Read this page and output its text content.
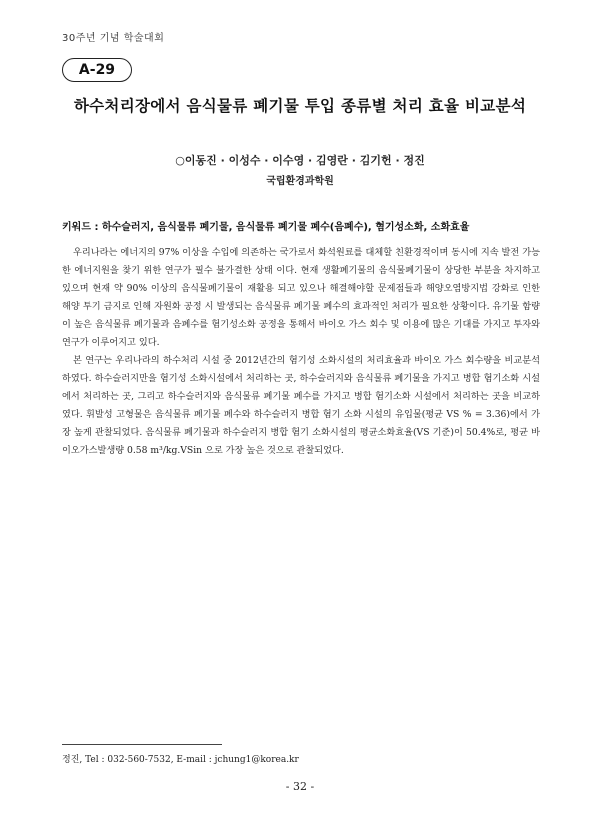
30주년 기념 학술대회
A-29
하수처리장에서 음식물류 폐기물 투입 종류별 처리 효율 비교분석
○이동진 · 이성수 · 이수영 · 김영란 · 김기헌 · 정진
국립환경과학원
키워드 : 하수슬러지, 음식물류 폐기물, 음식물류 폐기물 폐수(음폐수), 혐기성소화, 소화효율

우리나라는 에너지의 97% 이상을 수입에 의존하는 국가로서 화석원료를 대체할 친환경적이며 동시에 지속 발전 가능한 에너지원을 찾기 위한 연구가 필수 불가결한 상태 이다. 현재 생활폐기물의 음식물폐기물이 상당한 부분을 차지하고 있으며 현재 약 90% 이상의 음식물폐기물이 재활용 되고 있으나 해결해야할 문제점들과 해양오염방지법 강화로 인한 해양 투기 금지로 인해 자원화 공정 시 발생되는 음식물류 폐기물 폐수의 효과적인 처리가 필요한 상황이다. 유기물 함량이 높은 음식물류 폐기물과 음폐수를 혐기성소화 공정을 통해서 바이오 가스 회수 및 이용에 많은 기대를 가지고 투자와 연구가 이루어지고 있다.

본 연구는 우리나라의 하수처리 시설 중 2012년간의 혐기성 소화시설의 처리효율과 바이오 가스 회수량을 비교분석하였다. 하수슬러지만을 혐기성 소화시설에서 처리하는 곳, 하수슬러지와 음식물류 폐기물을 가지고 병합 혐기소화 시설에서 처리하는 곳, 그리고 하수슬러지와 음식물류 폐기물 폐수를 가지고 병합 혐기소화 시설에서 처리하는 곳을 비교하였다. 휘발성 고형물은 음식물류 폐기물 폐수와 하수슬러지 병합 혐기 소화 시설의 유입물(평균 VS % = 3.36)에서 가장 높게 관찰되었다. 음식물류 폐기물과 하수슬러지 병합 혐기 소화시설의 평균소화효율(VS 기준)이 50.4%로, 평균 바이오가스발생량 0.58 m³/kg.VSin 으로 가장 높은 것으로 관찰되었다.

정진, Tel : 032-560-7532, E-mail : jchung1@korea.kr
- 32 -
